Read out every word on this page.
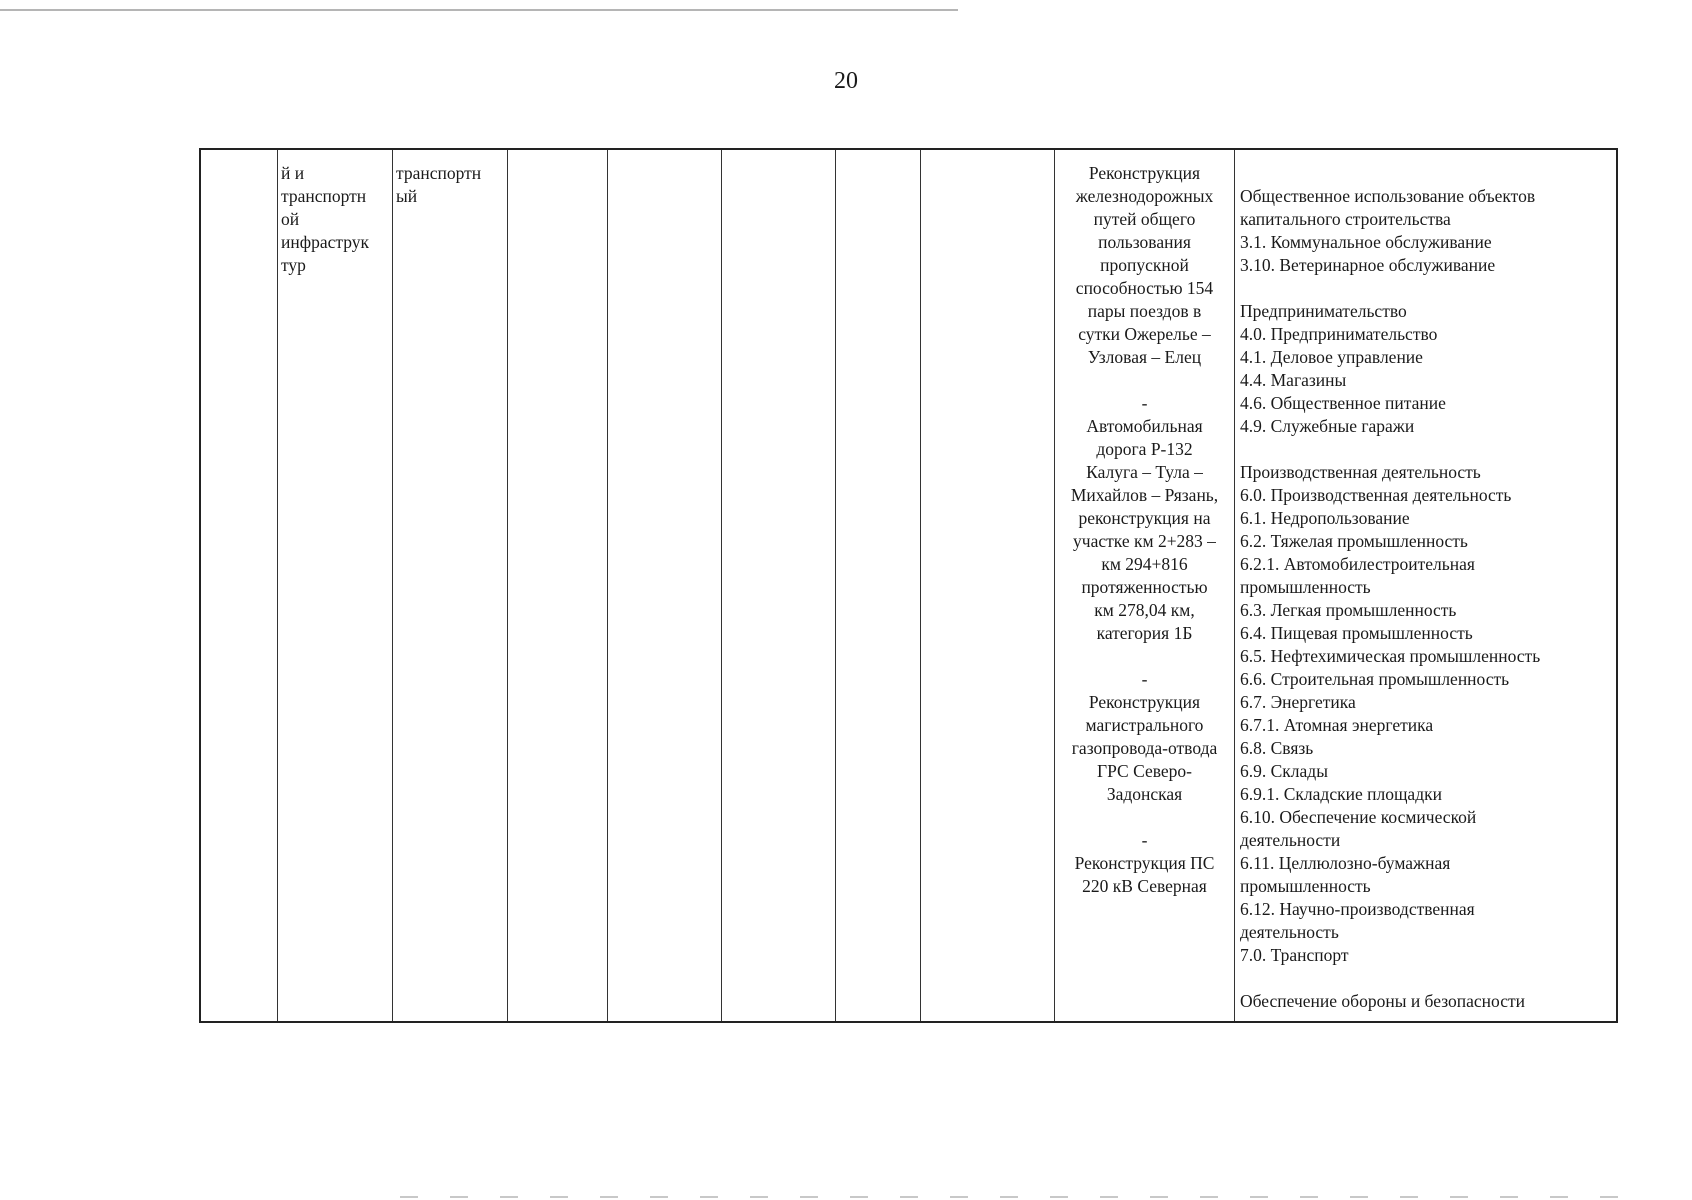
20
й и
транспортн
ой
инфраструк
тур
транспортн
ый
Реконструкция
железнодорожных
путей общего
пользования
пропускной
способностью 154
пары поездов в
сутки Ожерелье –
Узловая – Елец
-
Автомобильная
дорога Р-132
Калуга – Тула –
Михайлов – Рязань,
реконструкция на
участке км 2+283 –
км 294+816
протяженностью
км 278,04 км,
категория 1Б
-
Реконструкция
магистрального
газопровода-отвода
ГРС Северо-
Задонская
-
Реконструкция ПС
220 кВ Северная
Общественное использование объектов
капитального строительства
3.1. Коммунальное обслуживание
3.10. Ветеринарное обслуживание
Предпринимательство
4.0. Предпринимательство
4.1. Деловое управление
4.4. Магазины
4.6. Общественное питание
4.9. Служебные гаражи
Производственная деятельность
6.0. Производственная деятельность
6.1. Недропользование
6.2. Тяжелая промышленность
6.2.1. Автомобилестроительная
промышленность
6.3. Легкая промышленность
6.4. Пищевая промышленность
6.5. Нефтехимическая промышленность
6.6. Строительная промышленность
6.7. Энергетика
6.7.1. Атомная энергетика
6.8. Связь
6.9. Склады
6.9.1. Складские площадки
6.10. Обеспечение космической
деятельности
6.11. Целлюлозно-бумажная
промышленность
6.12. Научно-производственная
деятельность
7.0. Транспорт
Обеспечение обороны и безопасности
